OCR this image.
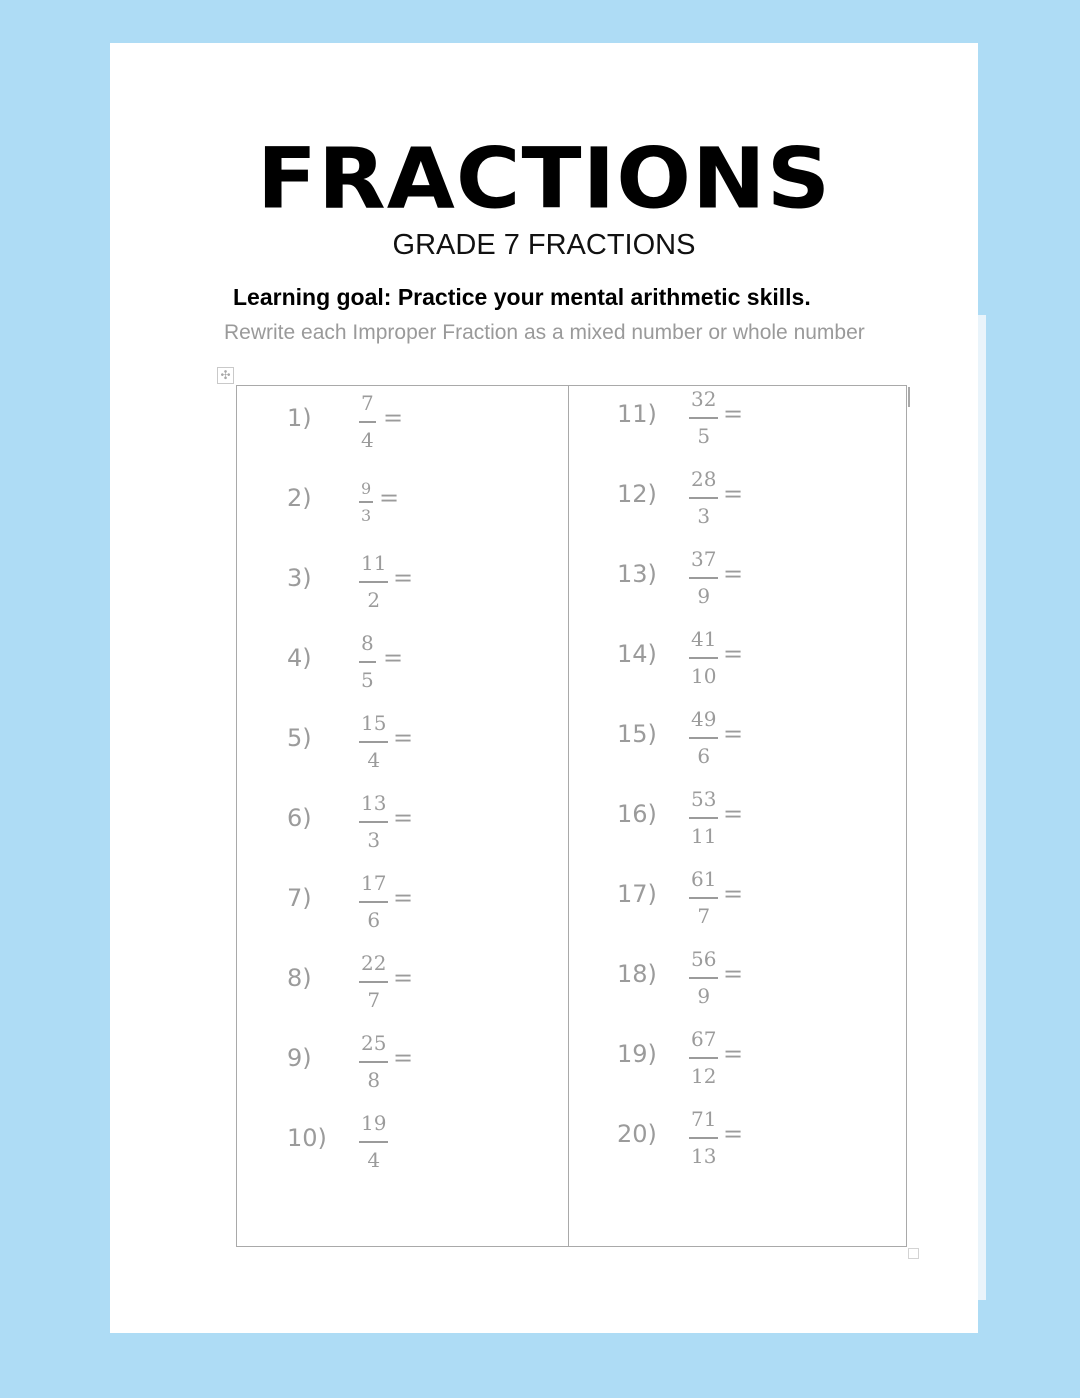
FRACTIONS
GRADE 7 FRACTIONS
Learning goal: Practice your mental arithmetic skills.
Rewrite each Improper Fraction as a mixed number or whole number
✣
1)
7
4
=
2)	9
3
=
3)
11
2
=
4)
8
5
=
5)
15
4
=
6)
13
3
=
7)
17
6
=
8)
22
7
=
9)
25
8
=
10)
19
4
11)
32
5
=
12)
28
3
=
13)
37
9
=
14)
41
10
=
15)
49
6
=
16)
53
11
=
17)
61
7
=
18)
56
9
=
19)
67
12
=
20)
71
13
=
